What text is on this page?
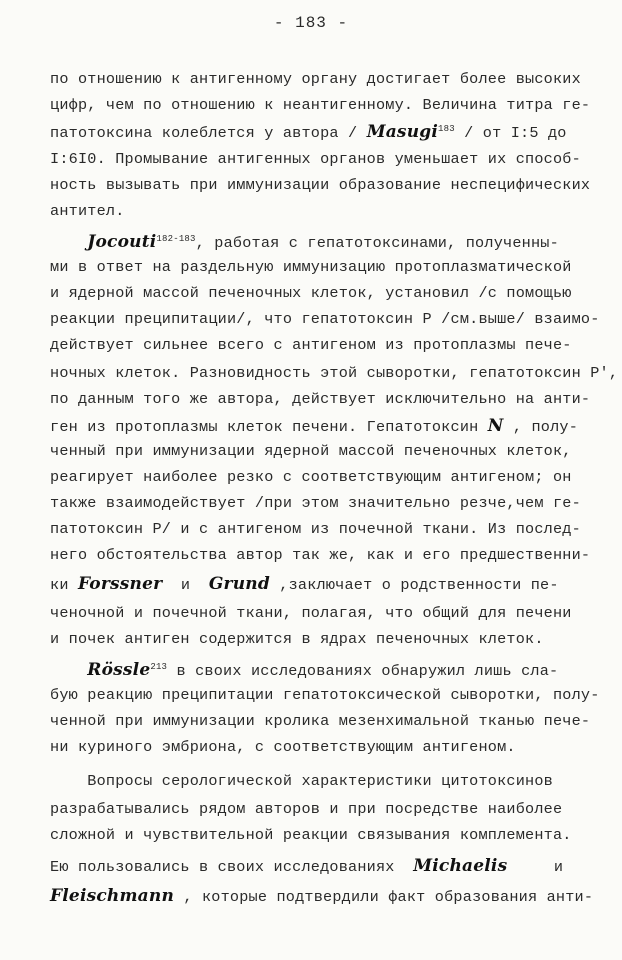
- 183 -
по отношению к антигенному органу достигает более высоких
цифр, чем по отношению к неантигенному. Величина титра ге-
патотоксина колеблется у автора / Masugi$^{183}$ / от I:5 до
I:6I0. Промывание антигенных органов уменьшает их способ-
ность вызывать при иммунизации образование неспецифических
антител.
Jocouti$^{182-183}$, работая с гепатотоксинами, полученны-
ми в ответ на раздельную иммунизацию протоплазматической
и ядерной массой печеночных клеток, установил /с помощью
реакции преципитации/, что гепатотоксин Р /см.выше/ взаимо-
действует сильнее всего с антигеном из протоплазмы пече-
ночных клеток. Разновидность этой сыворотки, гепатотоксин Р',
по данным того же автора, действует исключительно на анти-
ген из протоплазмы клеток печени. Гепатотоксин N , полу-
ченный при иммунизации ядерной массой печеночных клеток,
реагирует наиболее резко с соответствующим антигеном; он
также взаимодействует /при этом значительно резче,чем ге-
патотоксин Р/ и с антигеном из почечной ткани. Из послед-
него обстоятельства автор так же, как и его предшественни-
ки Forssner  и  Grund ,заключает о родственности пе-
ченочной и почечной ткани, полагая, что общий для печени
и почек антиген содержится в ядрах печеночных клеток.
Rössle$^{213}$ в своих исследованиях обнаружил лишь сла-
бую реакцию преципитации гепатотоксической сыворотки, полу-
ченной при иммунизации кролика мезенхимальной тканью пече-
ни куриного эмбриона, с соответствующим антигеном.
Вопросы серологической характеристики цитотоксинов
разрабатывались рядом авторов и при посредстве наиболее
сложной и чувствительной реакции связывания комплемента.
Ею пользовались в своих исследованиях  Michaelis     и
Fleischmann , которые подтвердили факт образования анти-
